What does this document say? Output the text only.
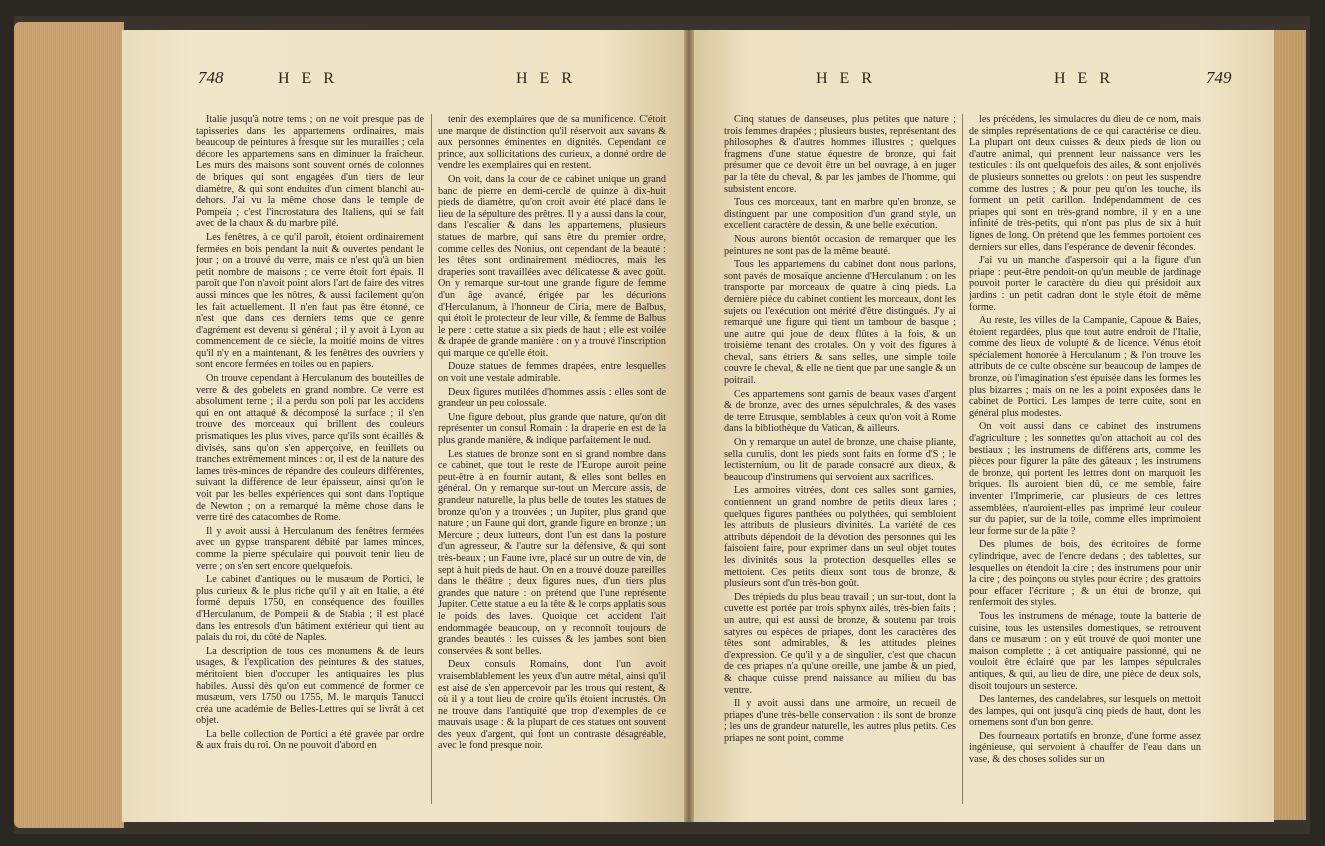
748	H E R	H E R

Italie jusqu'à notre tems ; on ne voit presque pas de tapisseries dans les appartemens ordinaires, mais beaucoup de peintures à fresque sur les murailles ; cela décore les appartemens sans en diminuer la fraîcheur. Les murs des maisons sont souvent ornés de colonnes de briques qui sont engagées d'un tiers de leur diamètre, & qui sont enduites d'un ciment blanchi au-dehors. J'ai vu la même chose dans le temple de Pompeïa ; c'est l'incrostatura des Italiens, qui se fait avec de la chaux & du marbre pilé.

Les fenêtres, à ce qu'il paroît, étoient ordinairement fermées en bois pendant la nuit & ouvertes pendant le jour ; on a trouvé du verre, mais ce n'est qu'à un bien petit nombre de maisons ; ce verre étoit fort épais. Il paroît que l'on n'avoit point alors l'art de faire des vitres aussi minces que les nôtres, & aussi facilement qu'on les fait actuellement. Il n'en faut pas être étonné, ce n'est que dans ces derniers tems que ce genre d'agrément est devenu si général ; il y avoit à Lyon au commencement de ce siècle, la moitié moins de vitres qu'il n'y en a maintenant, & les fenêtres des ouvriers y sont encore fermées en toiles ou en papiers.

On trouve cependant à Herculanum des bouteilles de verre & des gobelets en grand nombre. Ce verre est absolument terne ; il a perdu son poli par les accidens qui en ont attaqué & décomposé la surface ; il s'en trouve des morceaux qui brillent des couleurs prismatiques les plus vives, parce qu'ils sont écaillés & divisés, sans qu'on s'en apperçoive, en feuillets ou tranches extrêmement minces : or, il est de la nature des lames très-minces de répandre des couleurs différentes, suivant la différence de leur épaisseur, ainsi qu'on le voit par les belles expériences qui sont dans l'optique de Newton ; on a remarqué la même chose dans le verre tiré des catacombes de Rome.

Il y avoit aussi à Herculanum des fenêtres fermées avec un gypse transparent débité par lames minces, comme la pierre spéculaire qui pouvoit tenir lieu de verre ; on s'en sert encore quelquefois.

Le cabinet d'antiques ou le musæum de Portici, le plus curieux & le plus riche qu'il y ait en Italie, a été formé depuis 1750, en conséquence des fouilles d'Herculanum, de Pompeii & de Stabia ; il est placé dans les entresols d'un bâtiment extérieur qui tient au palais du roi, du côté de Naples.

La description de tous ces monumens & de leurs usages, & l'explication des peintures & des statues, méritoient bien d'occuper les antiquaires les plus habiles. Aussi dès qu'on eut commencé de former ce musæum, vers 1750 ou 1755, M. le marquis Tanucci créa une académie de Belles-Lettres qui se livrât à cet objet.

La belle collection de Portici a été gravée par ordre & aux frais du roi. On ne pouvoit d'abord en

tenir des exemplaires que de sa munificence. C'étoit une marque de distinction qu'il réservoit aux savans & aux personnes éminentes en dignités. Cependant ce prince, aux sollicitations des curieux, a donné ordre de vendre les exemplaires qui en restent.

On voit, dans la cour de ce cabinet unique un grand banc de pierre en demi-cercle de quinze à dix-huit pieds de diamètre, qu'on croit avoir été placé dans le lieu de la sépulture des prêtres. Il y a aussi dans la cour, dans l'escalier & dans les appartemens, plusieurs statues de marbre, qui sans être du premier ordre, comme celles des Nonius, ont cependant de la beauté : les têtes sont ordinairement médiocres, mais les draperies sont travaillées avec délicatesse & avec goût. On y remarque sur-tout une grande figure de femme d'un âge avancé, érigée par les décurions d'Herculanum, à l'honneur de Ciria, mere de Balbus, qui étoit le protecteur de leur ville, & femme de Balbus le pere : cette statue a six pieds de haut ; elle est voilée & drapée de grande manière : on y a trouvé l'inscription qui marque ce qu'elle étoit.

Douze statues de femmes drapées, entre lesquelles on voit une vestale admirable.

Deux figures mutilées d'hommes assis : elles sont de grandeur un peu colossale.

Une figure debout, plus grande que nature, qu'on dit représenter un consul Romain : la draperie en est de la plus grande manière, & indique parfaitement le nud.

Les statues de bronze sont en si grand nombre dans ce cabinet, que tout le reste de l'Europe auroit peine peut-être à en fournir autant, & elles sont belles en général. On y remarque sur-tout un Mercure assis, de grandeur naturelle, la plus belle de toutes les statues de bronze qu'on y a trouvées ; un Jupiter, plus grand que nature ; un Faune qui dort, grande figure en bronze ; un Mercure ; deux lutteurs, dont l'un est dans la posture d'un agresseur, & l'autre sur la défensive, & qui sont très-beaux ; un Faune ivre, placé sur un outre de vin, de sept à huit pieds de haut. On en a trouvé douze pareilles dans le théâtre ; deux figures nues, d'un tiers plus grandes que nature : on prétend que l'une représente Jupiter. Cette statue a eu la tête & le corps applatis sous le poids des laves. Quoique cet accident l'ait endommagée beaucoup, on y reconnoît toujours de grandes beautés : les cuisses & les jambes sont bien conservées & sont belles.

Deux consuls Romains, dont l'un avoit vraisemblablement les yeux d'un autre métal, ainsi qu'il est aisé de s'en appercevoir par les trous qui restent, & où il y a tout lieu de croire qu'ils étoient incrustés. On ne trouve dans l'antiquité que trop d'exemples de ce mauvais usage : & la plupart de ces statues ont souvent des yeux d'argent, qui font un contraste désagréable, avec le fond presque noir.

H E R	H E R	749

Cinq statues de danseuses, plus petites que nature ; trois femmes drapées ; plusieurs bustes, représentant des philosophes & d'autres hommes illustres ; quelques fragmens d'une statue équestre de bronze, qui fait présumer que ce devoit être un bel ouvrage, à en juger par la tête du cheval, & par les jambes de l'homme, qui subsistent encore.

Tous ces morceaux, tant en marbre qu'en bronze, se distinguent par une composition d'un grand style, un excellent caractère de dessin, & une belle exécution.

Nous aurons bientôt occasion de remarquer que les peintures ne sont pas de la même beauté.

Tous les appartemens du cabinet dont nous parlons, sont pavés de mosaïque ancienne d'Herculanum : on les transporte par morceaux de quatre à cinq pieds. La dernière pièce du cabinet contient les morceaux, dont les sujets ou l'exécution ont mérité d'être distingués. J'y ai remarqué une figure qui tient un tambour de basque ; une autre qui joue de deux flûtes à la fois, & un troisième tenant des crotales. On y voit des figures à cheval, sans étriers & sans selles, une simple toile couvre le cheval, & elle ne tient que par une sangle & un poitrail.

Ces appartemens sont garnis de beaux vases d'argent & de bronze, avec des urnes sépulchrales, & des vases de terre Etrusque, semblables à ceux qu'on voit à Rome dans la bibliothèque du Vatican, & ailleurs.

On y remarque un autel de bronze, une chaise pliante, sella curulis, dont les pieds sont faits en forme d'S ; le lectisternium, ou lit de parade consacré aux dieux, & beaucoup d'instrumens qui servoient aux sacrifices.

Les armoires vitrées, dont ces salles sont garnies, contiennent un grand nombre de petits dieux lares ; quelques figures panthées ou polythées, qui sembloient les attributs de plusieurs divinités. La variété de ces attributs dépendoit de la dévotion des personnes qui les faisoient faire, pour exprimer dans un seul objet toutes les divinités sous la protection desquelles elles se mettoient. Ces petits dieux sont tous de bronze, & plusieurs sont d'un très-bon goût.

Des trépieds du plus beau travail ; un sur-tout, dont la cuvette est portée par trois sphynx ailés, très-bien faits ; un autre, qui est aussi de bronze, & soutenu par trois satyres ou espèces de priapes, dont les caractères des têtes sont admirables, & les attitudes pleines d'expression. Ce qu'il y a de singulier, c'est que chacun de ces priapes n'a qu'une oreille, une jambe & un pied, & chaque cuisse prend naissance au milieu du bas ventre.

Il y avoit aussi dans une armoire, un recueil de priapes d'une très-belle conservation : ils sont de bronze ; les uns de grandeur naturelle, les autres plus petits. Ces priapes ne sont point, comme

les précédens, les simulacres du dieu de ce nom, mais de simples représentations de ce qui caractérise ce dieu. La plupart ont deux cuisses & deux pieds de lion ou d'autre animal, qui prennent leur naissance vers les testicules : ils ont quelquefois des ailes, & sont enjolivés de plusieurs sonnettes ou grelots : on peut les suspendre comme des lustres ; & pour peu qu'on les touche, ils forment un petit carillon. Indépendamment de ces priapes qui sont en très-grand nombre, il y en a une infinité de très-petits, qui n'ont pas plus de six à huit lignes de long. On prétend que les femmes portoient ces derniers sur elles, dans l'espérance de devenir fécondes.

J'ai vu un manche d'aspersoir qui a la figure d'un priape : peut-être pendoit-on qu'un meuble de jardinage pouvoit porter le caractère du dieu qui présidoit aux jardins : un petit cadran dont le style étoit de même forme.

Au reste, les villes de la Campanie, Capoue & Baies, étoient regardées, plus que tout autre endroit de l'Italie, comme des lieux de volupté & de licence. Vénus étoit spécialement honorée à Herculanum ; & l'on trouve les attributs de ce culte obscène sur beaucoup de lampes de bronze, où l'imagination s'est épuisée dans les formes les plus bizarres ; mais on ne les a point exposées dans le cabinet de Portici. Les lampes de terre cuite, sont en général plus modestes.

On voit aussi dans ce cabinet des instrumens d'agriculture ; les sonnettes qu'on attachoit au col des bestiaux ; les instrumens de différens arts, comme les pièces pour figurer la pâte des gâteaux ; les instrumens de bronze, qui portent les lettres dont on marquoit les briques. Ils auroient bien dû, ce me semble, faire inventer l'Imprimerie, car plusieurs de ces lettres assemblées, n'auroient-elles pas imprimé leur couleur sur du papier, sur de la toile, comme elles imprimoient leur forme sur de la pâte ?

Des plumes de bois, des écritoires de forme cylindrique, avec de l'encre dedans ; des tablettes, sur lesquelles on étendoit la cire ; des instrumens pour unir la cire ; des poinçons ou styles pour écrire ; des grattoirs pour effacer l'écriture ; & un étui de bronze, qui renfermoit des styles.

Tous les instrumens de ménage, toute la batterie de cuisine, tous les ustensiles domestiques, se retrouvent dans ce musæum : on y eût trouvé de quoi monter une maison complette ; à cet antiquaire passionné, qui ne vouloit être éclairé que par les lampes sépulcrales antiques, & qui, au lieu de dire, une pièce de deux sols, disoit toujours un sesterce.

Des lanternes, des candelabres, sur lesquels on mettoit des lampes, qui ont jusqu'à cinq pieds de haut, dont les ornemens sont d'un bon genre.

Des fourneaux portatifs en bronze, d'une forme assez ingénieuse, qui servoient à chauffer de l'eau dans un vase, & des choses solides sur un
